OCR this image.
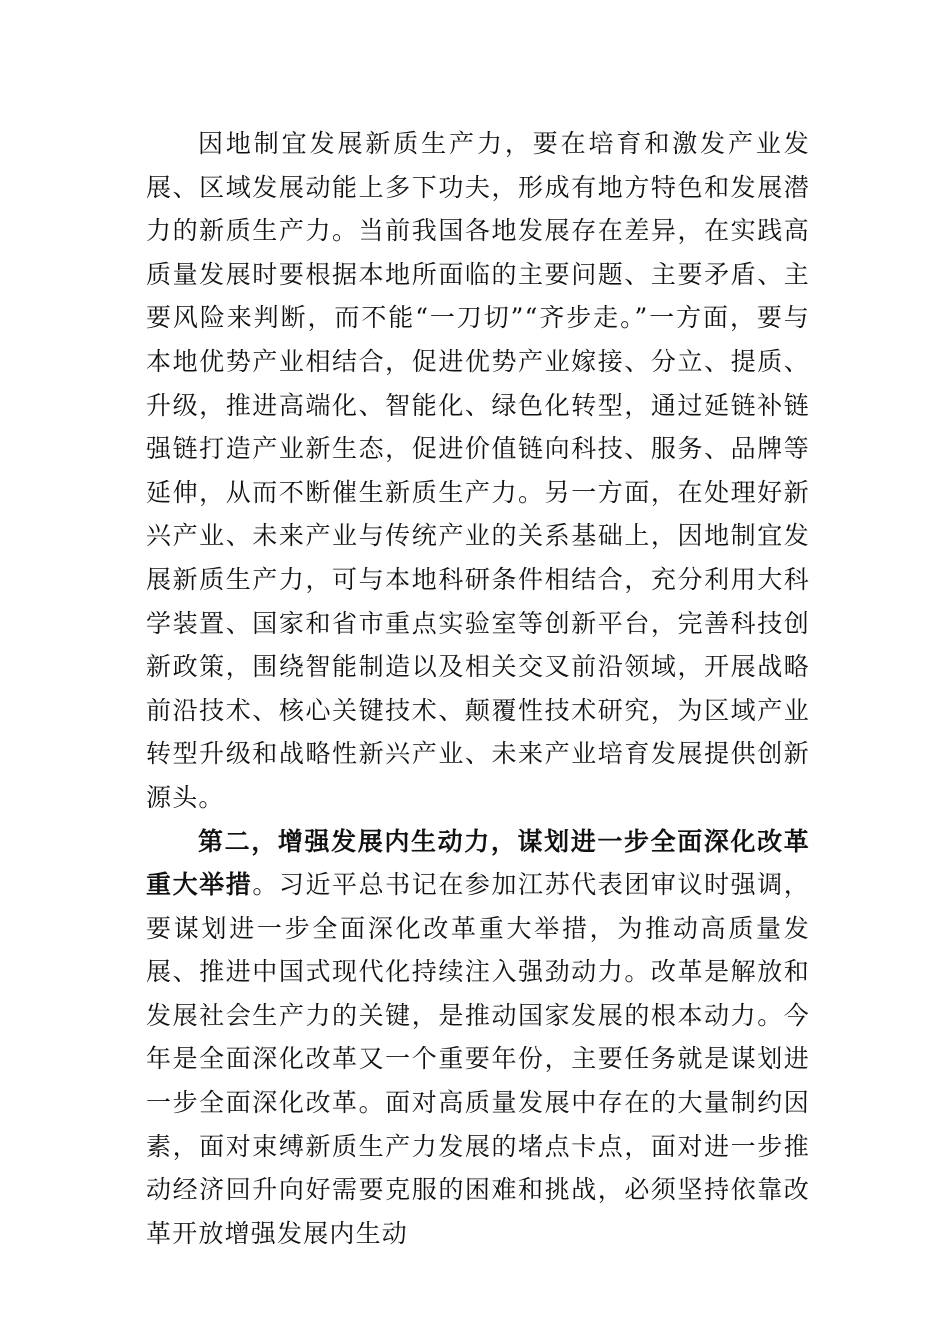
因地制宜发展新质生产力，要在培育和激发产业发展、区域发展动能上多下功夫，形成有地方特色和发展潜力的新质生产力。当前我国各地发展存在差异，在实践高质量发展时要根据本地所面临的主要问题、主要矛盾、主要风险来判断，而不能“一刀切”“齐步走。”一方面，要与本地优势产业相结合，促进优势产业嫁接、分立、提质、升级，推进高端化、智能化、绿色化转型，通过延链补链强链打造产业新生态，促进价值链向科技、服务、品牌等延伸，从而不断催生新质生产力。另一方面，在处理好新兴产业、未来产业与传统产业的关系基础上，因地制宜发展新质生产力，可与本地科研条件相结合，充分利用大科学装置、国家和省市重点实验室等创新平台，完善科技创新政策，围绕智能制造以及相关交叉前沿领域，开展战略前沿技术、核心关键技术、颠覆性技术研究，为区域产业转型升级和战略性新兴产业、未来产业培育发展提供创新源头。

第二，增强发展内生动力，谋划进一步全面深化改革重大举措。习近平总书记在参加江苏代表团审议时强调，要谋划进一步全面深化改革重大举措，为推动高质量发展、推进中国式现代化持续注入强劲动力。改革是解放和发展社会生产力的关键，是推动国家发展的根本动力。今年是全面深化改革又一个重要年份，主要任务就是谋划进一步全面深化改革。面对高质量发展中存在的大量制约因素，面对束缚新质生产力发展的堵点卡点，面对进一步推动经济回升向好需要克服的困难和挑战，必须坚持依靠改革开放增强发展内生动
